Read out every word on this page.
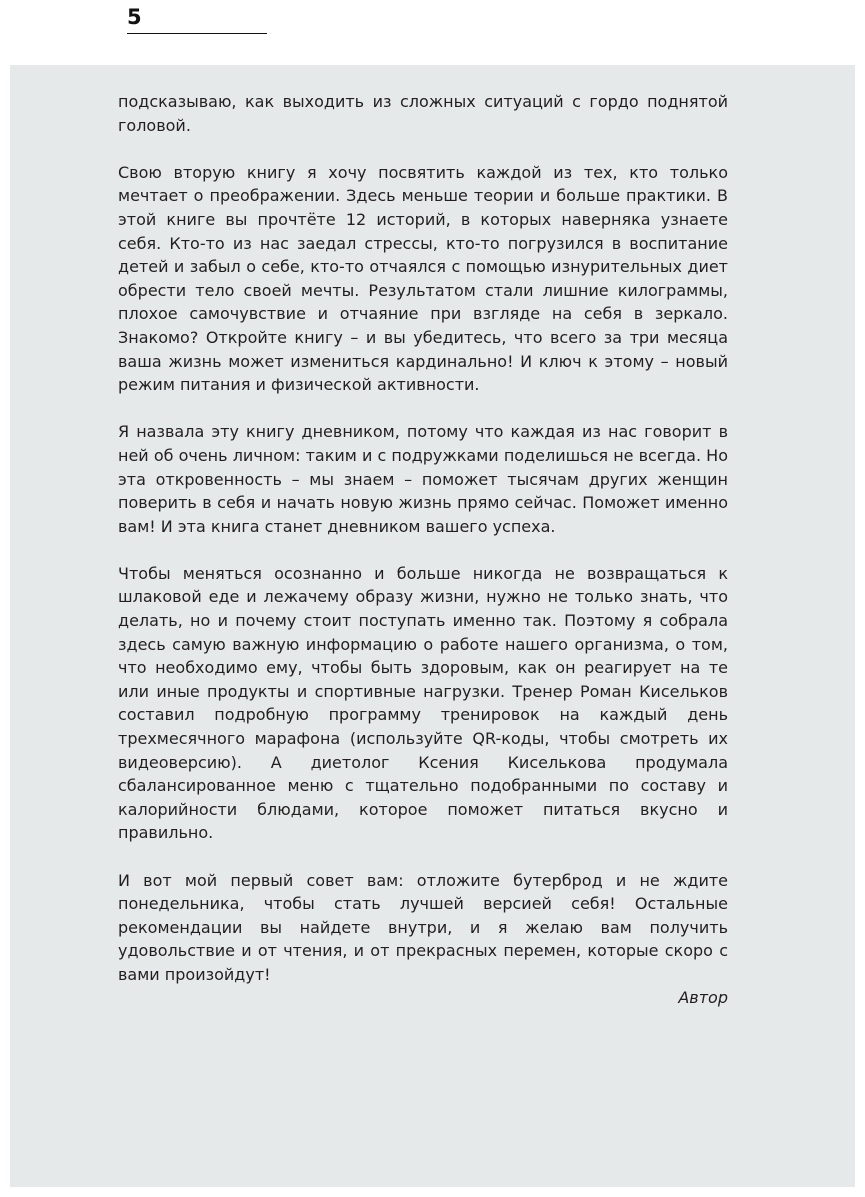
5

подсказываю, как выходить из сложных ситуаций с гордо поднятой головой.

Свою вторую книгу я хочу посвятить каждой из тех, кто только мечтает о преображении. Здесь меньше теории и больше практики. В этой книге вы прочтёте 12 историй, в которых наверняка узнаете себя. Кто-то из нас заедал стрессы, кто-то погрузился в воспитание детей и забыл о себе, кто-то отчаялся с помощью изнурительных диет обрести тело своей мечты. Результатом стали лишние килограммы, плохое самочувствие и отчаяние при взгляде на себя в зеркало. Знакомо? Откройте книгу – и вы убедитесь, что всего за три месяца ваша жизнь может измениться кардинально! И ключ к этому – новый режим питания и физической активности.

Я назвала эту книгу дневником, потому что каждая из нас говорит в ней об очень личном: таким и с подружками поделишься не всегда. Но эта откровенность – мы знаем – поможет тысячам других женщин поверить в себя и начать новую жизнь прямо сейчас. Поможет именно вам! И эта книга станет дневником вашего успеха.

Чтобы меняться осознанно и больше никогда не возвращаться к шлаковой еде и лежачему образу жизни, нужно не только знать, что делать, но и почему стоит поступать именно так. Поэтому я собрала здесь самую важную информацию о работе нашего организма, о том, что необходимо ему, чтобы быть здоровым, как он реагирует на те или иные продукты и спортивные нагрузки. Тренер Роман Кисельков составил подробную программу тренировок на каждый день трехмесячного марафона (используйте QR-коды, чтобы смотреть их видеоверсию). А диетолог Ксения Киселькова продумала сбалансированное меню с тщательно подобранными по составу и калорийности блюдами, которое поможет питаться вкусно и правильно.

И вот мой первый совет вам: отложите бутерброд и не ждите понедельника, чтобы стать лучшей версией себя! Остальные рекомендации вы найдете внутри, и я желаю вам получить удовольствие и от чтения, и от прекрасных перемен, которые скоро с вами произойдут!

Автор
